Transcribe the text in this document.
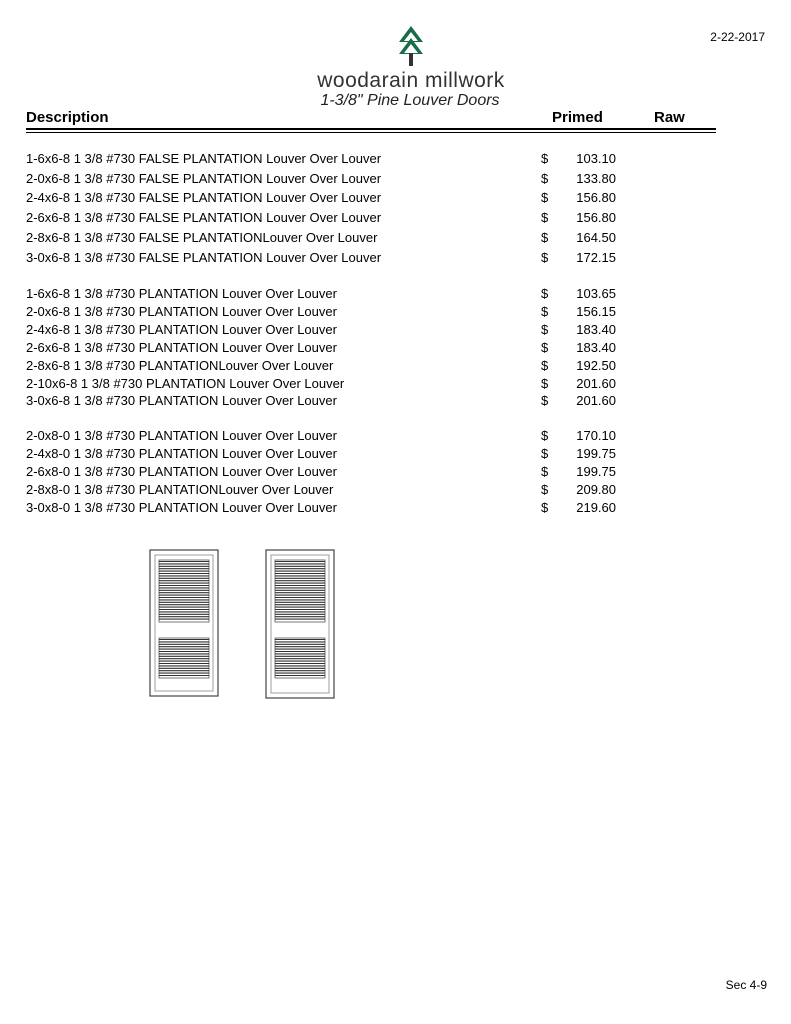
2-22-2017
woodarain millwork
1-3/8" Pine Louver Doors
Description	Primed	Raw
1-6x6-8 1 3/8 #730 FALSE PLANTATION Louver Over Louver	$ 103.10
2-0x6-8 1 3/8 #730 FALSE PLANTATION Louver Over Louver	$ 133.80
2-4x6-8 1 3/8 #730 FALSE PLANTATION Louver Over Louver	$ 156.80
2-6x6-8 1 3/8 #730 FALSE PLANTATION Louver Over Louver	$ 156.80
2-8x6-8 1 3/8 #730 FALSE PLANTATIONLouver Over Louver	$ 164.50
3-0x6-8 1 3/8 #730 FALSE PLANTATION Louver Over Louver	$ 172.15
1-6x6-8 1 3/8 #730 PLANTATION Louver Over Louver	$ 103.65
2-0x6-8 1 3/8 #730 PLANTATION Louver Over Louver	$ 156.15
2-4x6-8 1 3/8 #730 PLANTATION Louver Over Louver	$ 183.40
2-6x6-8 1 3/8 #730 PLANTATION Louver Over Louver	$ 183.40
2-8x6-8 1 3/8 #730 PLANTATIONLouver Over Louver	$ 192.50
2-10x6-8 1 3/8 #730 PLANTATION Louver Over Louver	$ 201.60
3-0x6-8 1 3/8 #730 PLANTATION Louver Over Louver	$ 201.60
2-0x8-0 1 3/8 #730 PLANTATION Louver Over Louver	$ 170.10
2-4x8-0 1 3/8 #730 PLANTATION Louver Over Louver	$ 199.75
2-6x8-0 1 3/8 #730 PLANTATION Louver Over Louver	$ 199.75
2-8x8-0 1 3/8 #730 PLANTATIONLouver Over Louver	$ 209.80
3-0x8-0 1 3/8 #730 PLANTATION Louver Over Louver	$ 219.60
Sec 4-9
